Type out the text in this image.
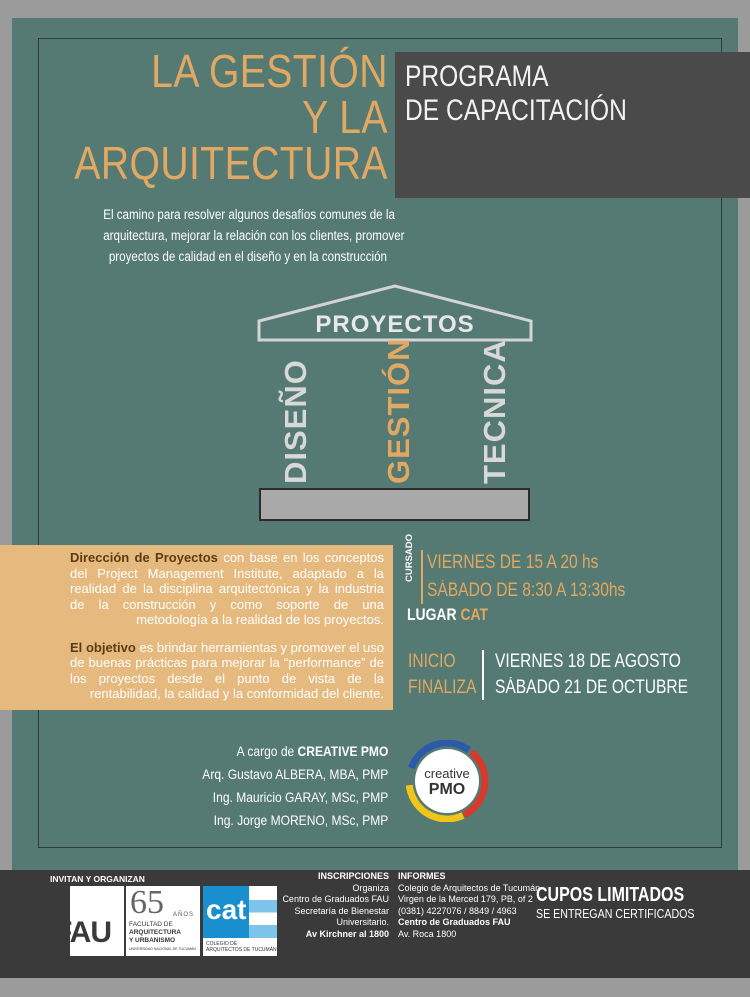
LA GESTIÓN
Y LA
ARQUITECTURA
PROGRAMA
DE CAPACITACIÓN
El camino para resolver algunos desafíos comunes de la
arquitectura, mejorar la relación con los clientes, promover
proyectos de calidad en el diseño y en la construcción
PROYECTOS
DISEÑO GESTIÓN TECNICA

Dirección de Proyectos con base en los conceptos del Project Management Institute, adaptado a la realidad de la disciplina arquitectónica y la industria de la construcción y como soporte de una metodología a la realidad de los proyectos.

El objetivo es brindar herramientas y promover el uso de buenas prácticas para mejorar la “performance” de los proyectos desde el punto de vista de la rentabilidad, la calidad y la conformidad del cliente.

CURSADO VIERNES DE 15 A 20 hs
SÁBADO DE 8:30 A 13:30hs
LUGAR CAT
INICIO
FINALIZA
VIERNES 18 DE AGOSTO
SÁBADO 21 DE OCTUBRE
A cargo de CREATIVE PMO
Arq. Gustavo ALBERA, MBA, PMP
Ing. Mauricio GARAY, MSc, PMP
Ing. Jorge MORENO, MSc, PMP
creative
PMO
INVITAN Y ORGANIZAN
FAU
65 AÑOS
FACULTAD DE
ARQUITECTURA
Y URBANISMO
UNIVERSIDAD NACIONAL DE TUCUMÁN
cat
COLEGIO DE
ARQUITECTOS DE TUCUMÁN
INSCRIPCIONES
Organiza
Centro de Graduados FAU
Secretaría de Bienestar
Universitario.
Av Kirchner al 1800
INFORMES
Colegio de Arquitectos de Tucumán
Virgen de la Merced 179, PB, of 2
(0381) 4227076 / 8849 / 4963
Centro de Graduados FAU
Av. Roca 1800
CUPOS LIMITADOS
SE ENTREGAN CERTIFICADOS
